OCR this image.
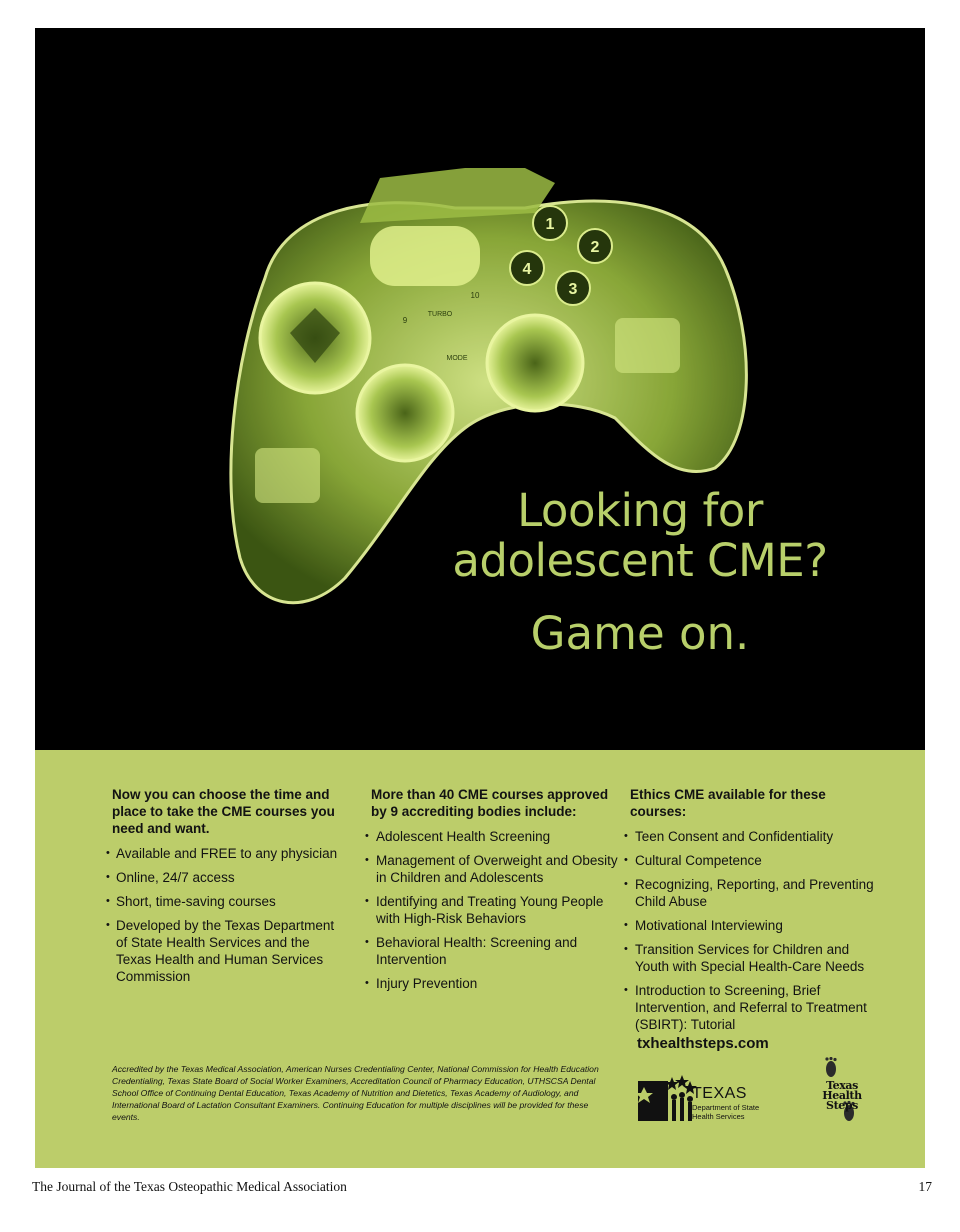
1
2
3
4
9
10
TURBO
MODE
Looking for
adolescent CME?
Game on.
Now you can choose the time and place to take the CME courses you need and want.
• Available and FREE to any physician
• Online, 24/7 access
• Short, time-saving courses
• Developed by the Texas Department of State Health Services and the Texas Health and Human Services Commission
More than 40 CME courses approved by 9 accrediting bodies include:
• Adolescent Health Screening
• Management of Overweight and Obesity in Children and Adolescents
• Identifying and Treating Young People with High-Risk Behaviors
• Behavioral Health: Screening and Intervention
• Injury Prevention
Ethics CME available for these courses:
• Teen Consent and Confidentiality
• Cultural Competence
• Recognizing, Reporting, and Preventing Child Abuse
• Motivational Interviewing
• Transition Services for Children and Youth with Special Health-Care Needs
• Introduction to Screening, Brief Intervention, and Referral to Treatment (SBIRT): Tutorial
txhealthsteps.com
Accredited by the Texas Medical Association, American Nurses Credentialing Center, National Commission for Health Education Credentialing, Texas State Board of Social Worker Examiners, Accreditation Council of Pharmacy Education, UTHSCSA Dental School Office of Continuing Dental Education, Texas Academy of Nutrition and Dietetics, Texas Academy of Audiology, and International Board of Lactation Consultant Examiners. Continuing Education for multiple disciplines will be provided for these events.
TEXAS
Department of State Health Services
Texas Health Steps
The Journal of the Texas Osteopathic Medical Association	17
